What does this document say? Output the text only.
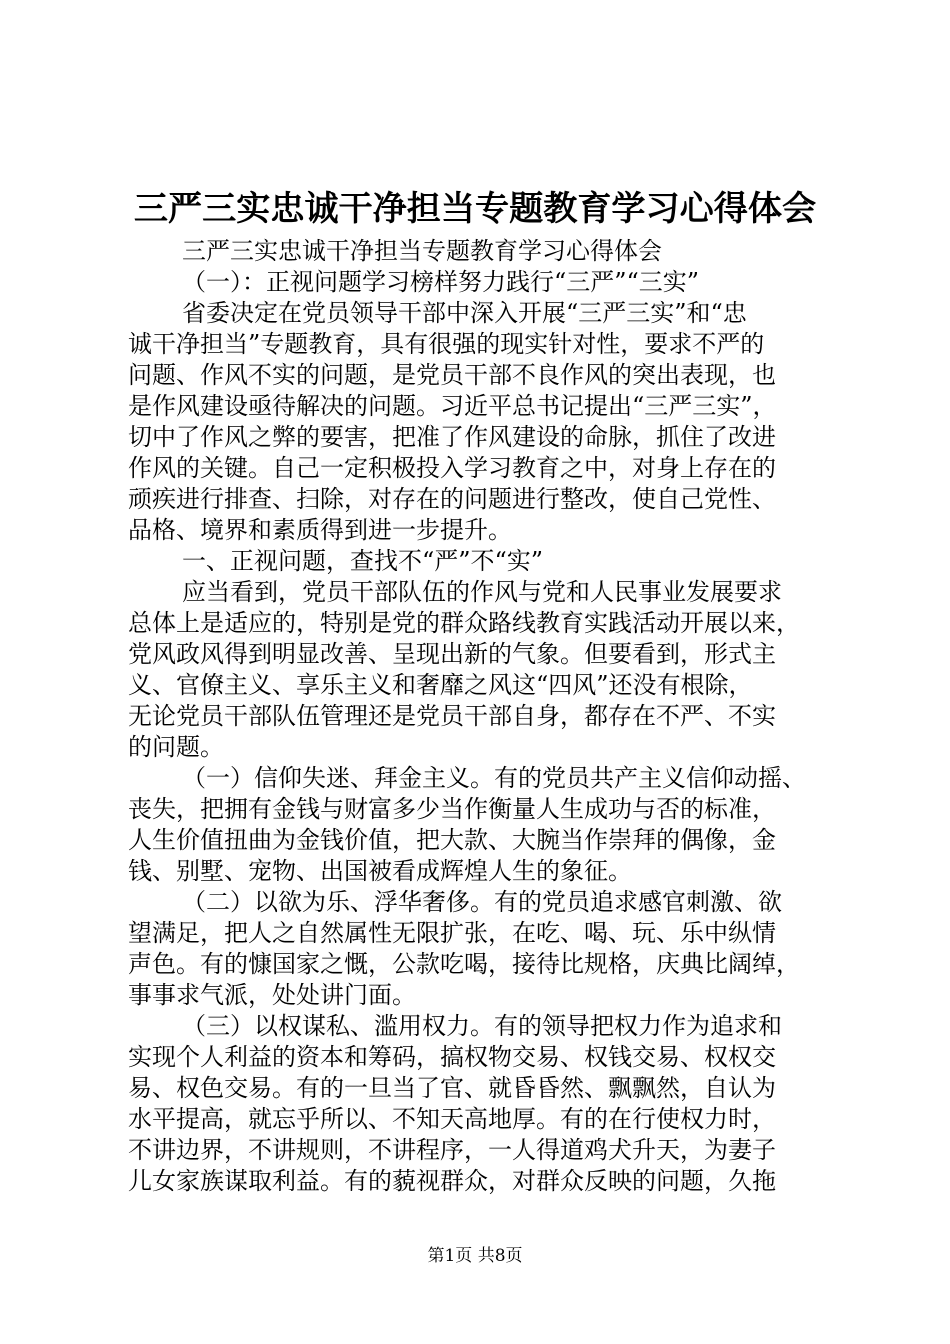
三严三实忠诚干净担当专题教育学习心得体会
三严三实忠诚干净担当专题教育学习心得体会
（一）：正视问题学习榜样努力践行“三严”“三实”
省委决定在党员领导干部中深入开展“三严三实”和“忠
诚干净担当”专题教育，具有很强的现实针对性，要求不严的
问题、作风不实的问题，是党员干部不良作风的突出表现，也
是作风建设亟待解决的问题。习近平总书记提出“三严三实”，
切中了作风之弊的要害，把准了作风建设的命脉，抓住了改进
作风的关键。自己一定积极投入学习教育之中，对身上存在的
顽疾进行排查、扫除，对存在的问题进行整改，使自己党性、
品格、境界和素质得到进一步提升。
一、正视问题，查找不“严”不“实”
应当看到，党员干部队伍的作风与党和人民事业发展要求
总体上是适应的，特别是党的群众路线教育实践活动开展以来，
党风政风得到明显改善、呈现出新的气象。但要看到，形式主
义、官僚主义、享乐主义和奢靡之风这“四风”还没有根除，
无论党员干部队伍管理还是党员干部自身，都存在不严、不实
的问题。
（一）信仰失迷、拜金主义。有的党员共产主义信仰动摇、
丧失，把拥有金钱与财富多少当作衡量人生成功与否的标准，
人生价值扭曲为金钱价值，把大款、大腕当作崇拜的偶像，金
钱、别墅、宠物、出国被看成辉煌人生的象征。
（二）以欲为乐、浮华奢侈。有的党员追求感官刺激、欲
望满足，把人之自然属性无限扩张，在吃、喝、玩、乐中纵情
声色。有的慷国家之慨，公款吃喝，接待比规格，庆典比阔绰，
事事求气派，处处讲门面。
（三）以权谋私、滥用权力。有的领导把权力作为追求和
实现个人利益的资本和筹码，搞权物交易、权钱交易、权权交
易、权色交易。有的一旦当了官、就昏昏然、飘飘然，自认为
水平提高，就忘乎所以、不知天高地厚。有的在行使权力时，
不讲边界，不讲规则，不讲程序，一人得道鸡犬升天，为妻子
儿女家族谋取利益。有的藐视群众，对群众反映的问题，久拖
第1页 共8页
